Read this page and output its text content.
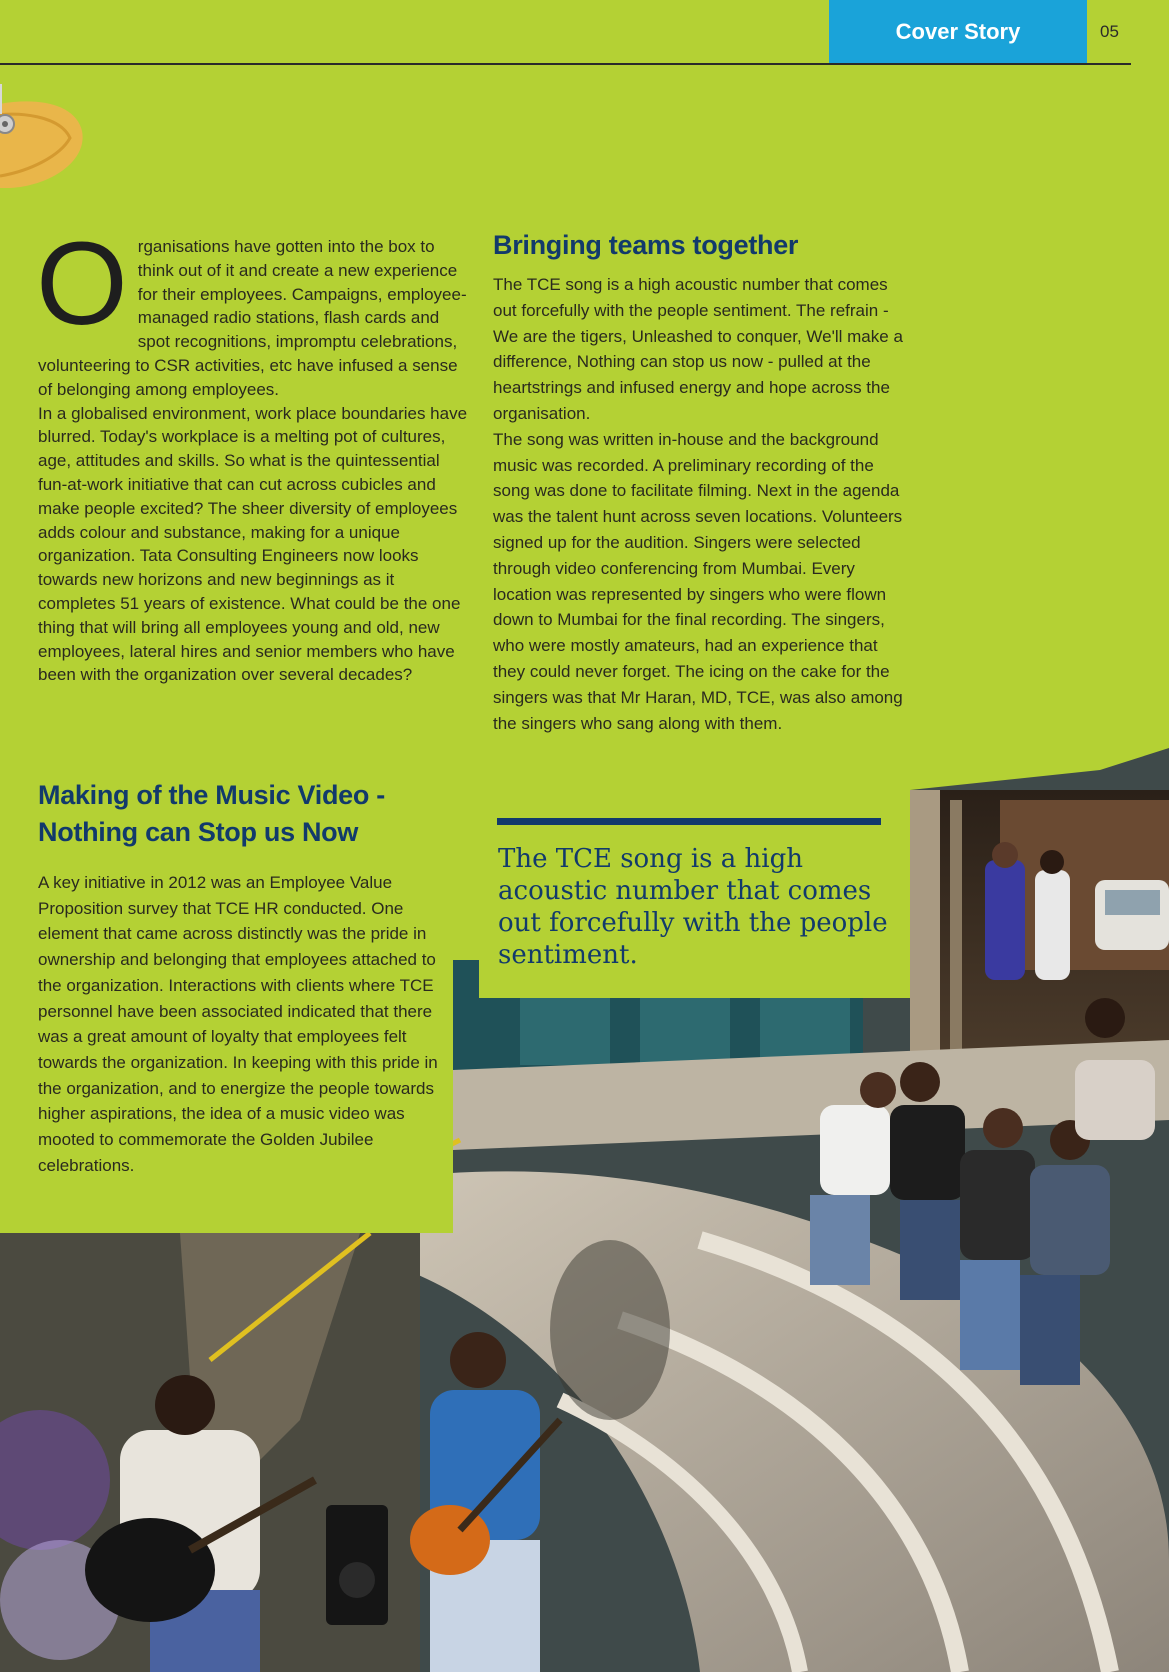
Cover Story	05
O rganisations have gotten into the box to think out of it and create a new experience for their employees. Campaigns, employee-managed radio stations, flash cards and spot recognitions, impromptu celebrations, volunteering to CSR activities, etc have infused a sense of belonging among employees.

In a globalised environment, work place boundaries have blurred. Today's workplace is a melting pot of cultures, age, attitudes and skills. So what is the quintessential fun-at-work initiative that can cut across cubicles and make people excited? The sheer diversity of employees adds colour and substance, making for a unique organization. Tata Consulting Engineers now looks towards new horizons and new beginnings as it completes 51 years of existence. What could be the one thing that will bring all employees young and old, new employees, lateral hires and senior members who have been with the organization over several decades?

Bringing teams together

The TCE song is a high acoustic number that comes out forcefully with the people sentiment. The refrain - We are the tigers, Unleashed to conquer, We'll make a difference, Nothing can stop us now - pulled at the heartstrings and infused energy and hope across the organisation.

The song was written in-house and the background music was recorded. A preliminary recording of the song was done to facilitate filming. Next in the agenda was the talent hunt across seven locations. Volunteers signed up for the audition. Singers were selected through video conferencing from Mumbai. Every location was represented by singers who were flown down to Mumbai for the final recording. The singers, who were mostly amateurs, had an experience that they could never forget. The icing on the cake for the singers was that Mr Haran, MD, TCE, was also among the singers who sang along with them.

Making of the Music Video -
Nothing can Stop us Now

A key initiative in 2012 was an Employee Value Proposition survey that TCE HR conducted. One element that came across distinctly was the pride in ownership and belonging that employees attached to the organization. Interactions with clients where TCE personnel have been associated indicated that there was a great amount of loyalty that employees felt towards the organization. In keeping with this pride in the organization, and to energize the people towards higher aspirations, the idea of a music video was mooted to commemorate the Golden Jubilee celebrations.

The TCE song is a high acoustic number that comes out forcefully with the people sentiment.
